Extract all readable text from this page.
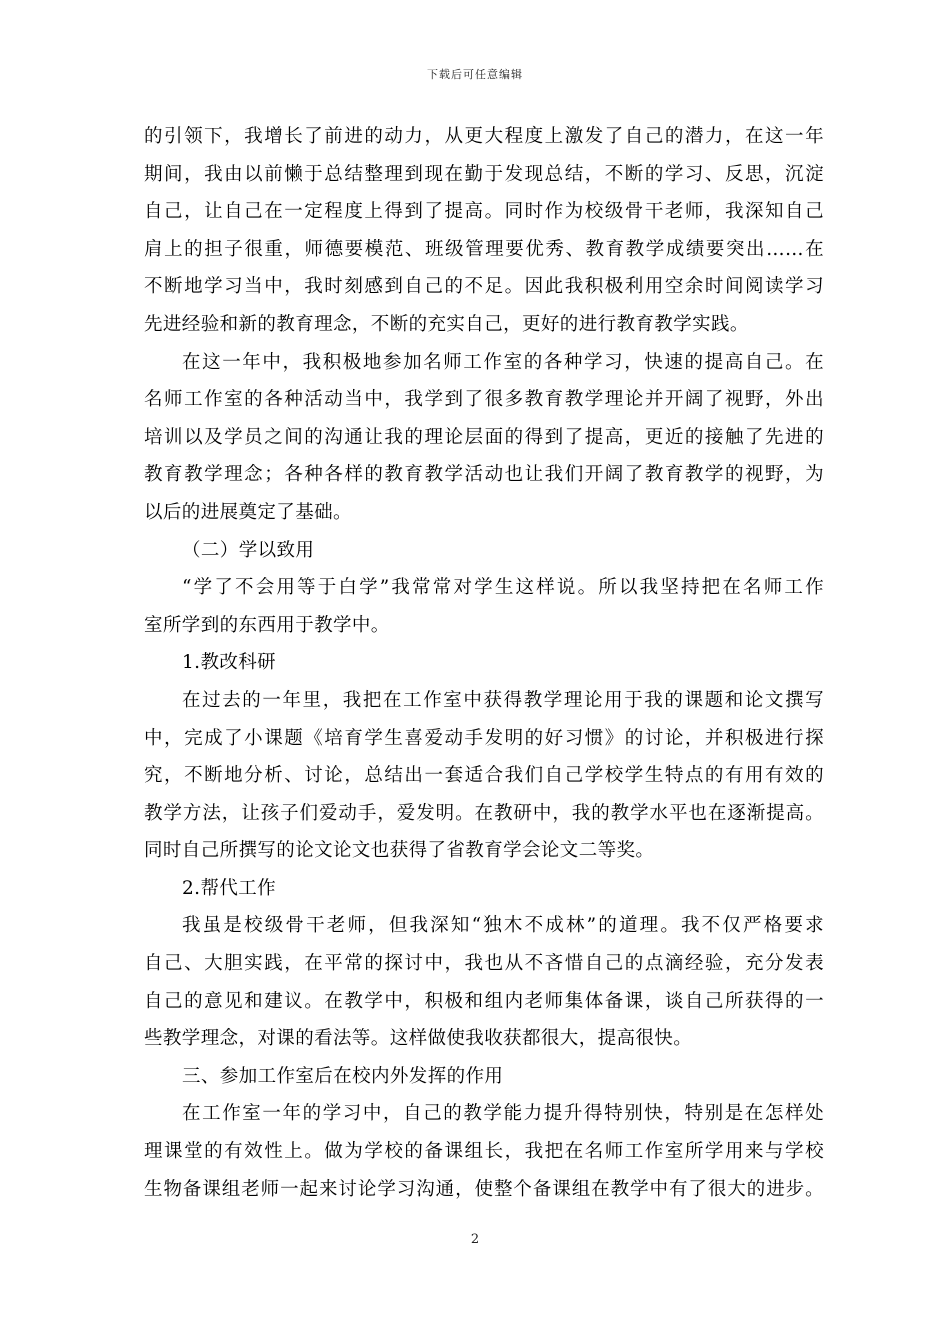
下载后可任意编辑
的引领下，我增长了前进的动力，从更大程度上激发了自己的潜力，在这一年
期间，我由以前懒于总结整理到现在勤于发现总结，不断的学习、反思，沉淀
自己，让自己在一定程度上得到了提高。同时作为校级骨干老师，我深知自己
肩上的担子很重，师德要模范、班级管理要优秀、教育教学成绩要突出……在
不断地学习当中，我时刻感到自己的不足。因此我积极利用空余时间阅读学习
先进经验和新的教育理念，不断的充实自己，更好的进行教育教学实践。
在这一年中，我积极地参加名师工作室的各种学习，快速的提高自己。在
名师工作室的各种活动当中，我学到了很多教育教学理论并开阔了视野，外出
培训以及学员之间的沟通让我的理论层面的得到了提高，更近的接触了先进的
教育教学理念；各种各样的教育教学活动也让我们开阔了教育教学的视野，为
以后的进展奠定了基础。
（二）学以致用
“学了不会用等于白学”我常常对学生这样说。所以我坚持把在名师工作
室所学到的东西用于教学中。
1.教改科研
在过去的一年里，我把在工作室中获得教学理论用于我的课题和论文撰写
中，完成了小课题《培育学生喜爱动手发明的好习惯》的讨论，并积极进行探
究，不断地分析、讨论，总结出一套适合我们自己学校学生特点的有用有效的
教学方法，让孩子们爱动手，爱发明。在教研中，我的教学水平也在逐渐提高。
同时自己所撰写的论文论文也获得了省教育学会论文二等奖。
2.帮代工作
我虽是校级骨干老师，但我深知“独木不成林”的道理。我不仅严格要求
自己、大胆实践，在平常的探讨中，我也从不吝惜自己的点滴经验，充分发表
自己的意见和建议。在教学中，积极和组内老师集体备课，谈自己所获得的一
些教学理念，对课的看法等。这样做使我收获都很大，提高很快。
三、参加工作室后在校内外发挥的作用
在工作室一年的学习中，自己的教学能力提升得特别快，特别是在怎样处
理课堂的有效性上。做为学校的备课组长，我把在名师工作室所学用来与学校
生物备课组老师一起来讨论学习沟通，使整个备课组在教学中有了很大的进步。
2
